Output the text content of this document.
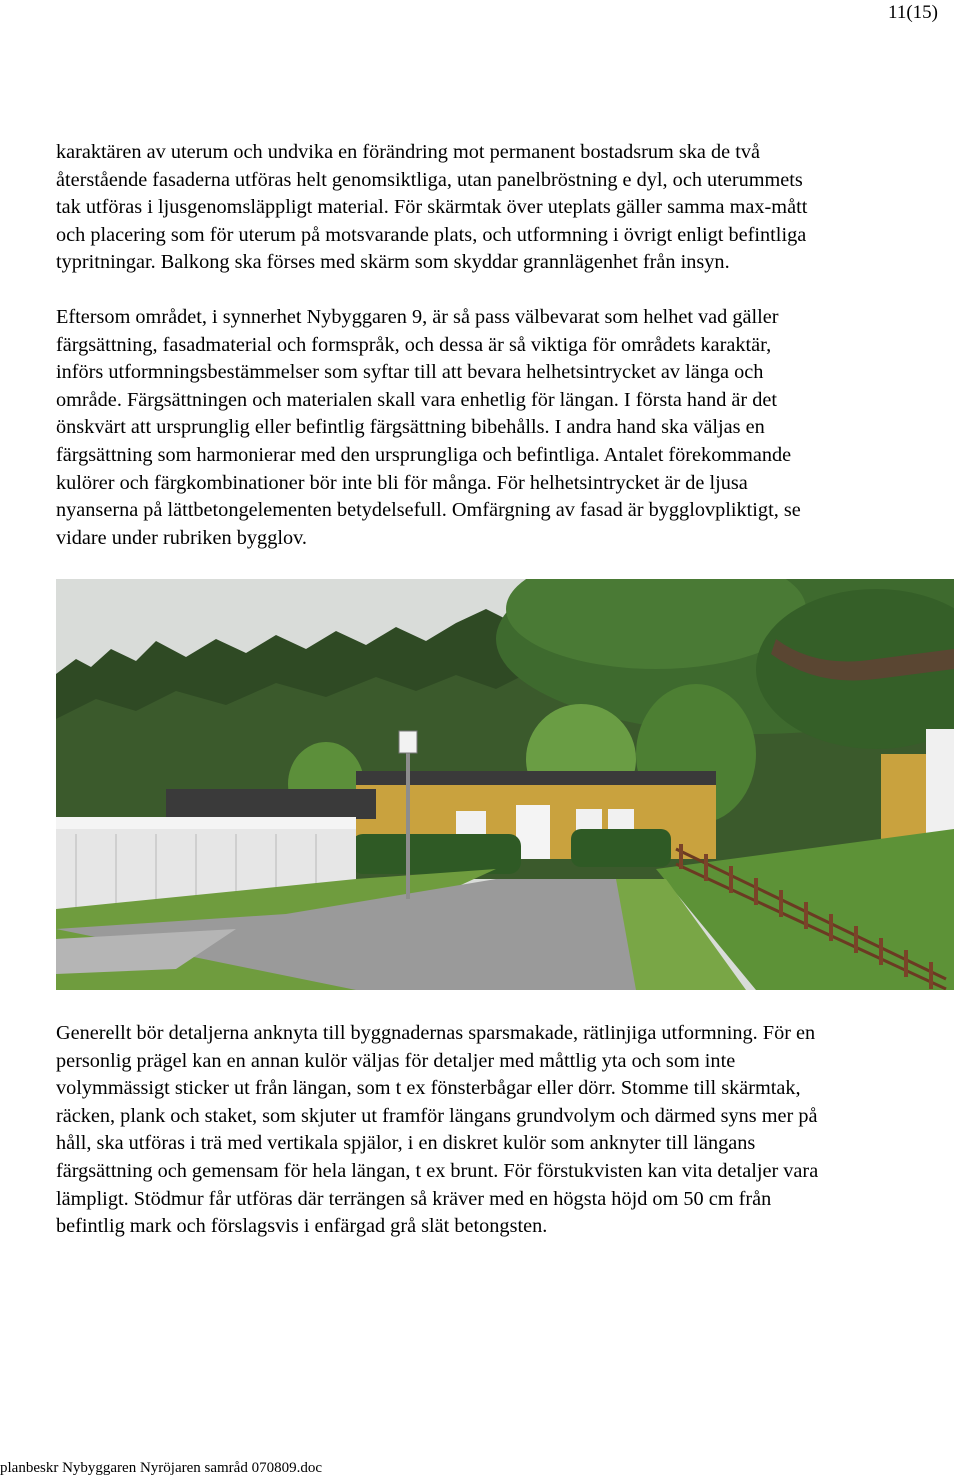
11(15)
karaktären av uterum och undvika en förändring mot permanent bostadsrum ska de två
återstående fasaderna utföras helt genomsiktliga, utan panelbröstning e dyl, och uterummets
tak utföras i ljusgenomsläppligt material. För skärmtak över uteplats gäller samma max-mått
och placering som för uterum på motsvarande plats, och utformning i övrigt enligt befintliga
typritningar. Balkong ska förses med skärm som skyddar grannlägenhet från insyn.
Eftersom området, i synnerhet Nybyggaren 9, är så pass välbevarat som helhet vad gäller
färgsättning, fasadmaterial och formspråk, och dessa är så viktiga för områdets karaktär,
införs utformningsbestämmelser som syftar till att bevara helhetsintrycket av länga och
område. Färgsättningen och materialen skall vara enhetlig för längan. I första hand är det
önskvärt att ursprunglig eller befintlig färgsättning bibehålls. I andra hand ska väljas en
färgsättning som harmonierar med den ursprungliga och befintliga. Antalet förekommande
kulörer och färgkombinationer bör inte bli för många. För helhetsintrycket är de ljusa
nyanserna på lättbetongelementen betydelsefull. Omfärgning av fasad är bygglovpliktigt, se
vidare under rubriken bygglov.
Generellt bör detaljerna anknyta till byggnadernas sparsmakade, rätlinjiga utformning. För en
personlig prägel kan en annan kulör väljas för detaljer med måttlig yta och som inte
volymmässigt sticker ut från längan, som t ex fönsterbågar eller dörr. Stomme till skärmtak,
räcken, plank och staket, som skjuter ut framför längans grundvolym och därmed syns mer på
håll, ska utföras i trä med vertikala spjälor, i en diskret kulör som anknyter till längans
färgsättning och gemensam för hela längan, t ex brunt. För förstukvisten kan vita detaljer vara
lämpligt. Stödmur får utföras där terrängen så kräver med en högsta höjd om 50 cm från
befintlig mark och förslagsvis i enfärgad grå slät betongsten.
planbeskr Nybyggaren Nyröjaren samråd 070809.doc
